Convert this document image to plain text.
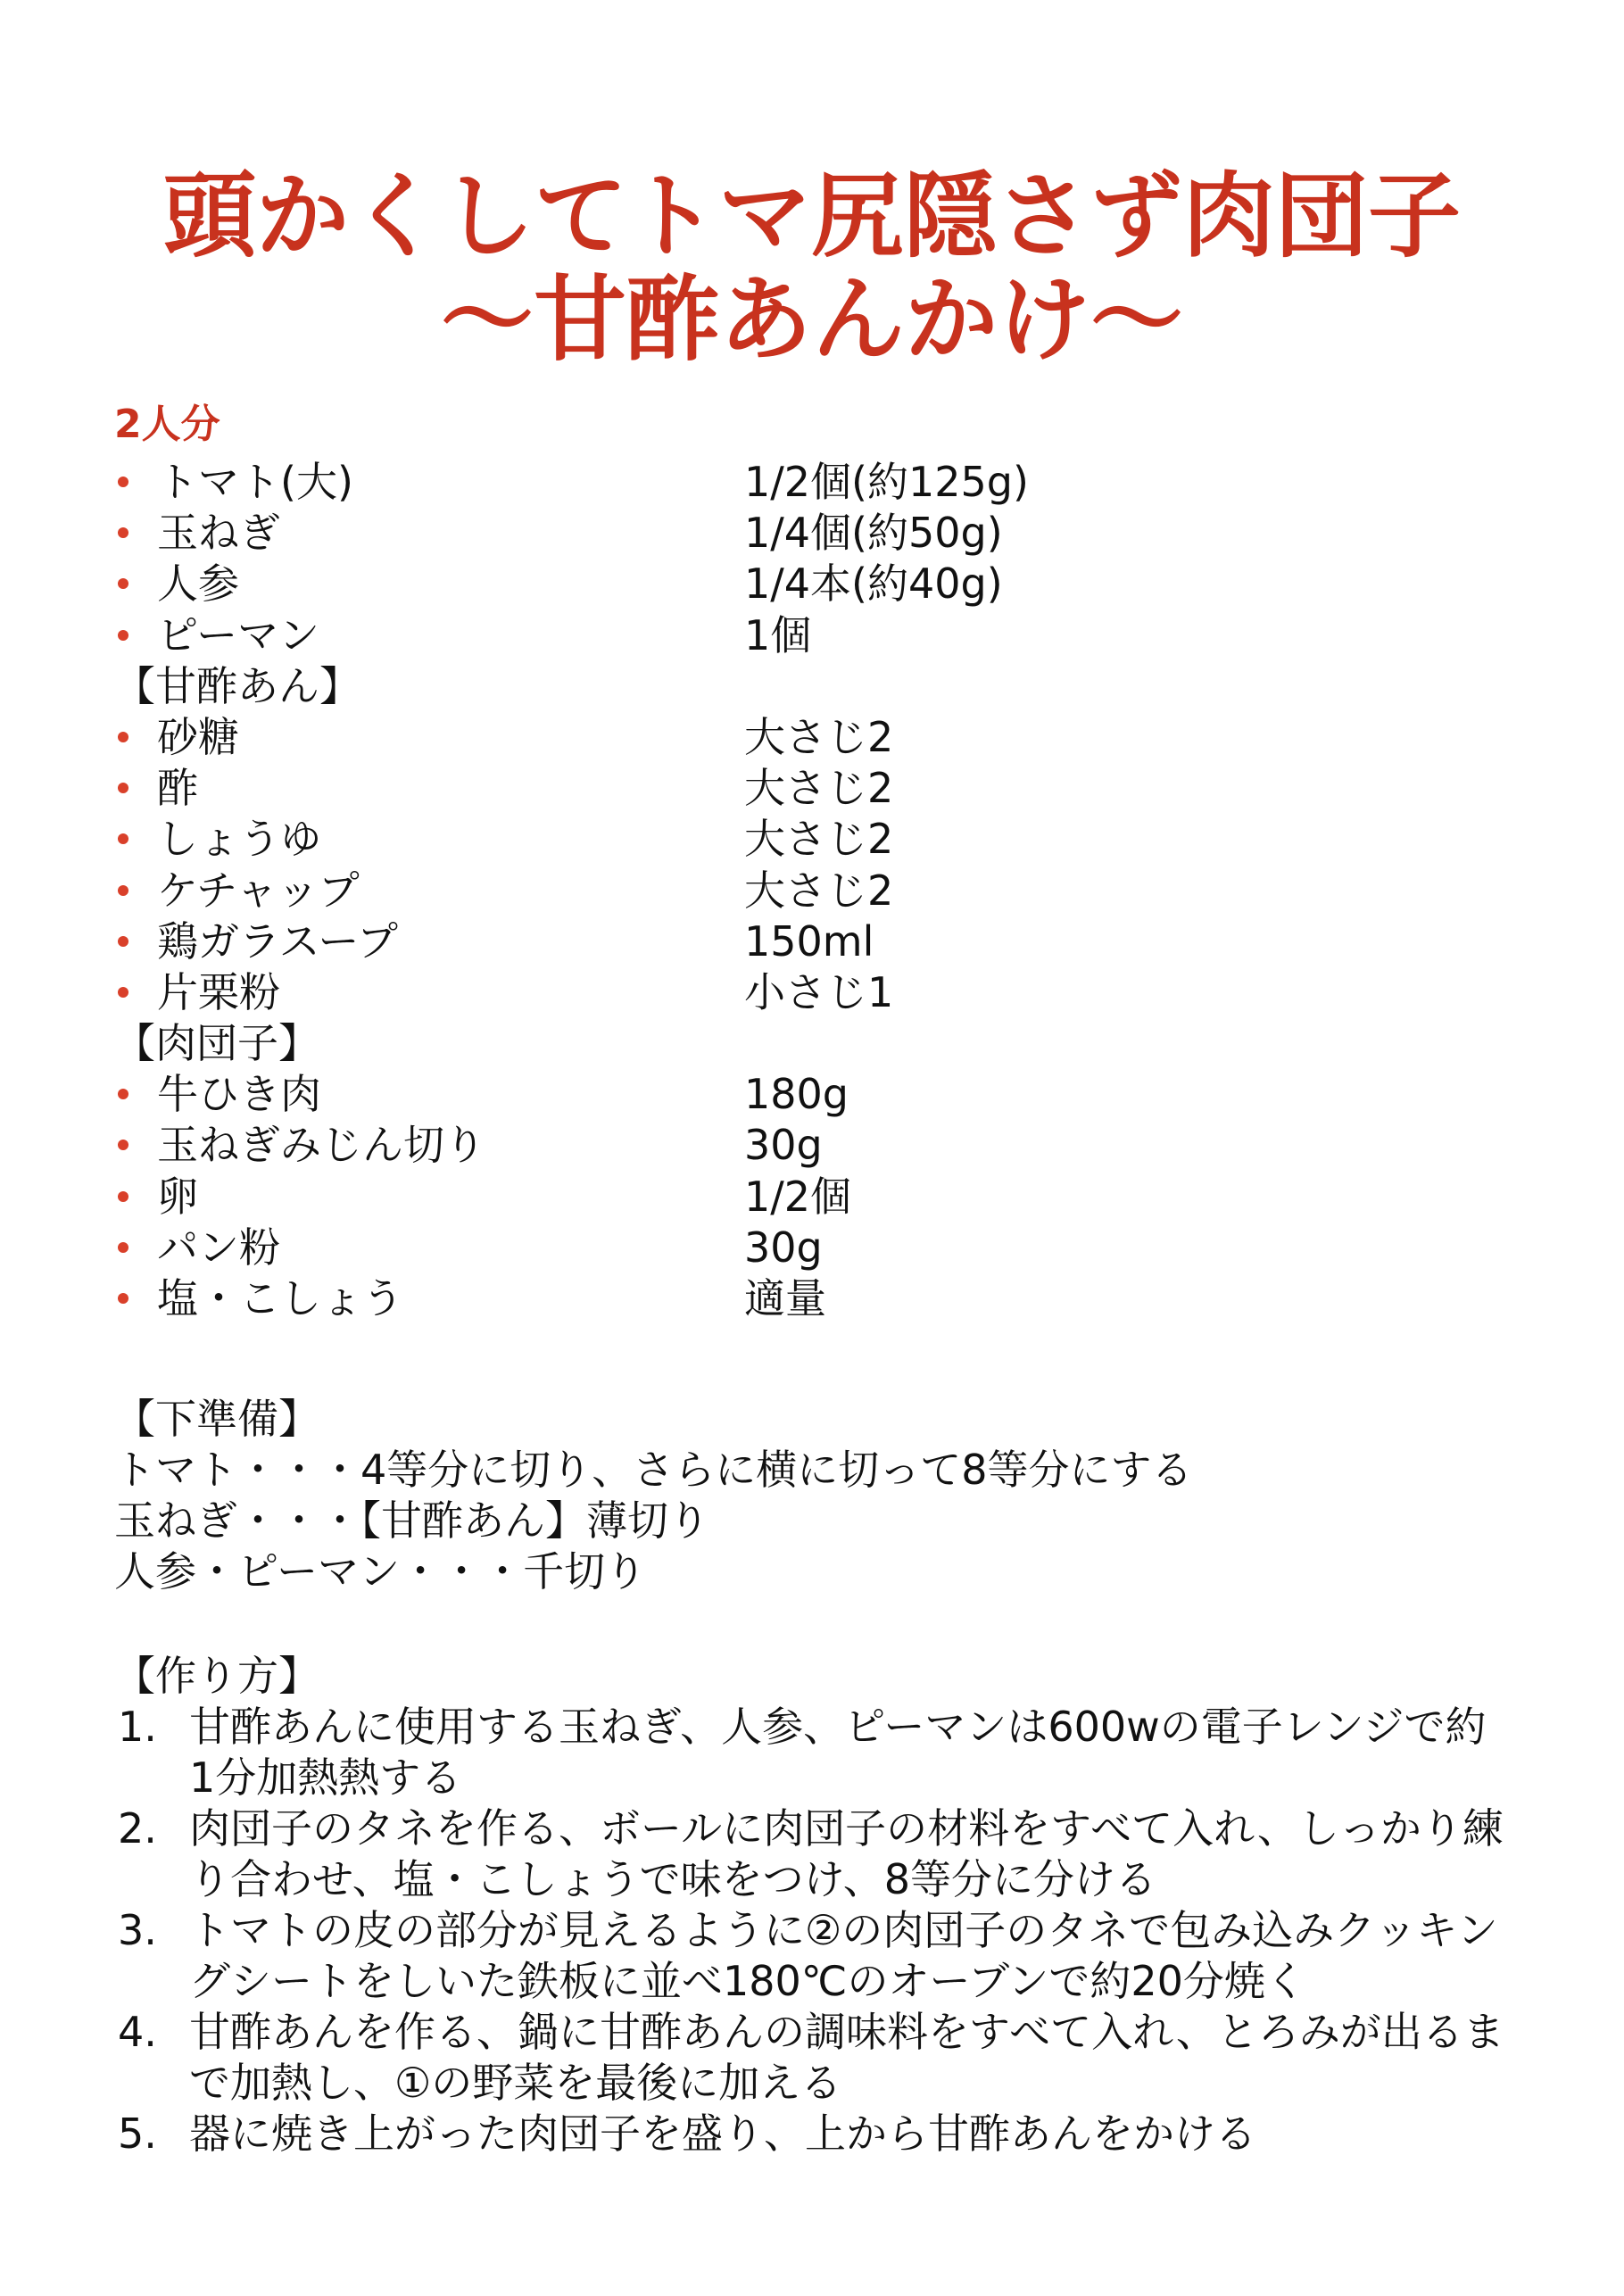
頭かくしてトマ尻隠さず肉団子
〜甘酢あんかけ〜
2人分
トマト(大)	1/2個(約125g)
玉ねぎ	1/4個(約50g)
人参	1/4本(約40g)
ピーマン	1個
【甘酢あん】
砂糖	大さじ2
酢	大さじ2
しょうゆ	大さじ2
ケチャップ	大さじ2
鶏ガラスープ	150ml
片栗粉	小さじ1
【肉団子】
牛ひき肉	180g
玉ねぎみじん切り	30g
卵	1/2個
パン粉	30g
塩・こしょう	適量
【下準備】
トマト・・・4等分に切り、さらに横に切って8等分にする
玉ねぎ・・・【甘酢あん】薄切り
人参・ピーマン・・・千切り
【作り方】
1. 甘酢あんに使用する玉ねぎ、人参、ピーマンは600wの電子レンジで約
1分加熱熱する
2. 肉団子のタネを作る、ボールに肉団子の材料をすべて入れ、しっかり練
り合わせ、塩・こしょうで味をつけ、8等分に分ける
3. トマトの皮の部分が見えるように②の肉団子のタネで包み込みクッキン
グシートをしいた鉄板に並べ180℃のオーブンで約20分焼く
4. 甘酢あんを作る、鍋に甘酢あんの調味料をすべて入れ、とろみが出るま
で加熱し、①の野菜を最後に加える
5. 器に焼き上がった肉団子を盛り、上から甘酢あんをかける
